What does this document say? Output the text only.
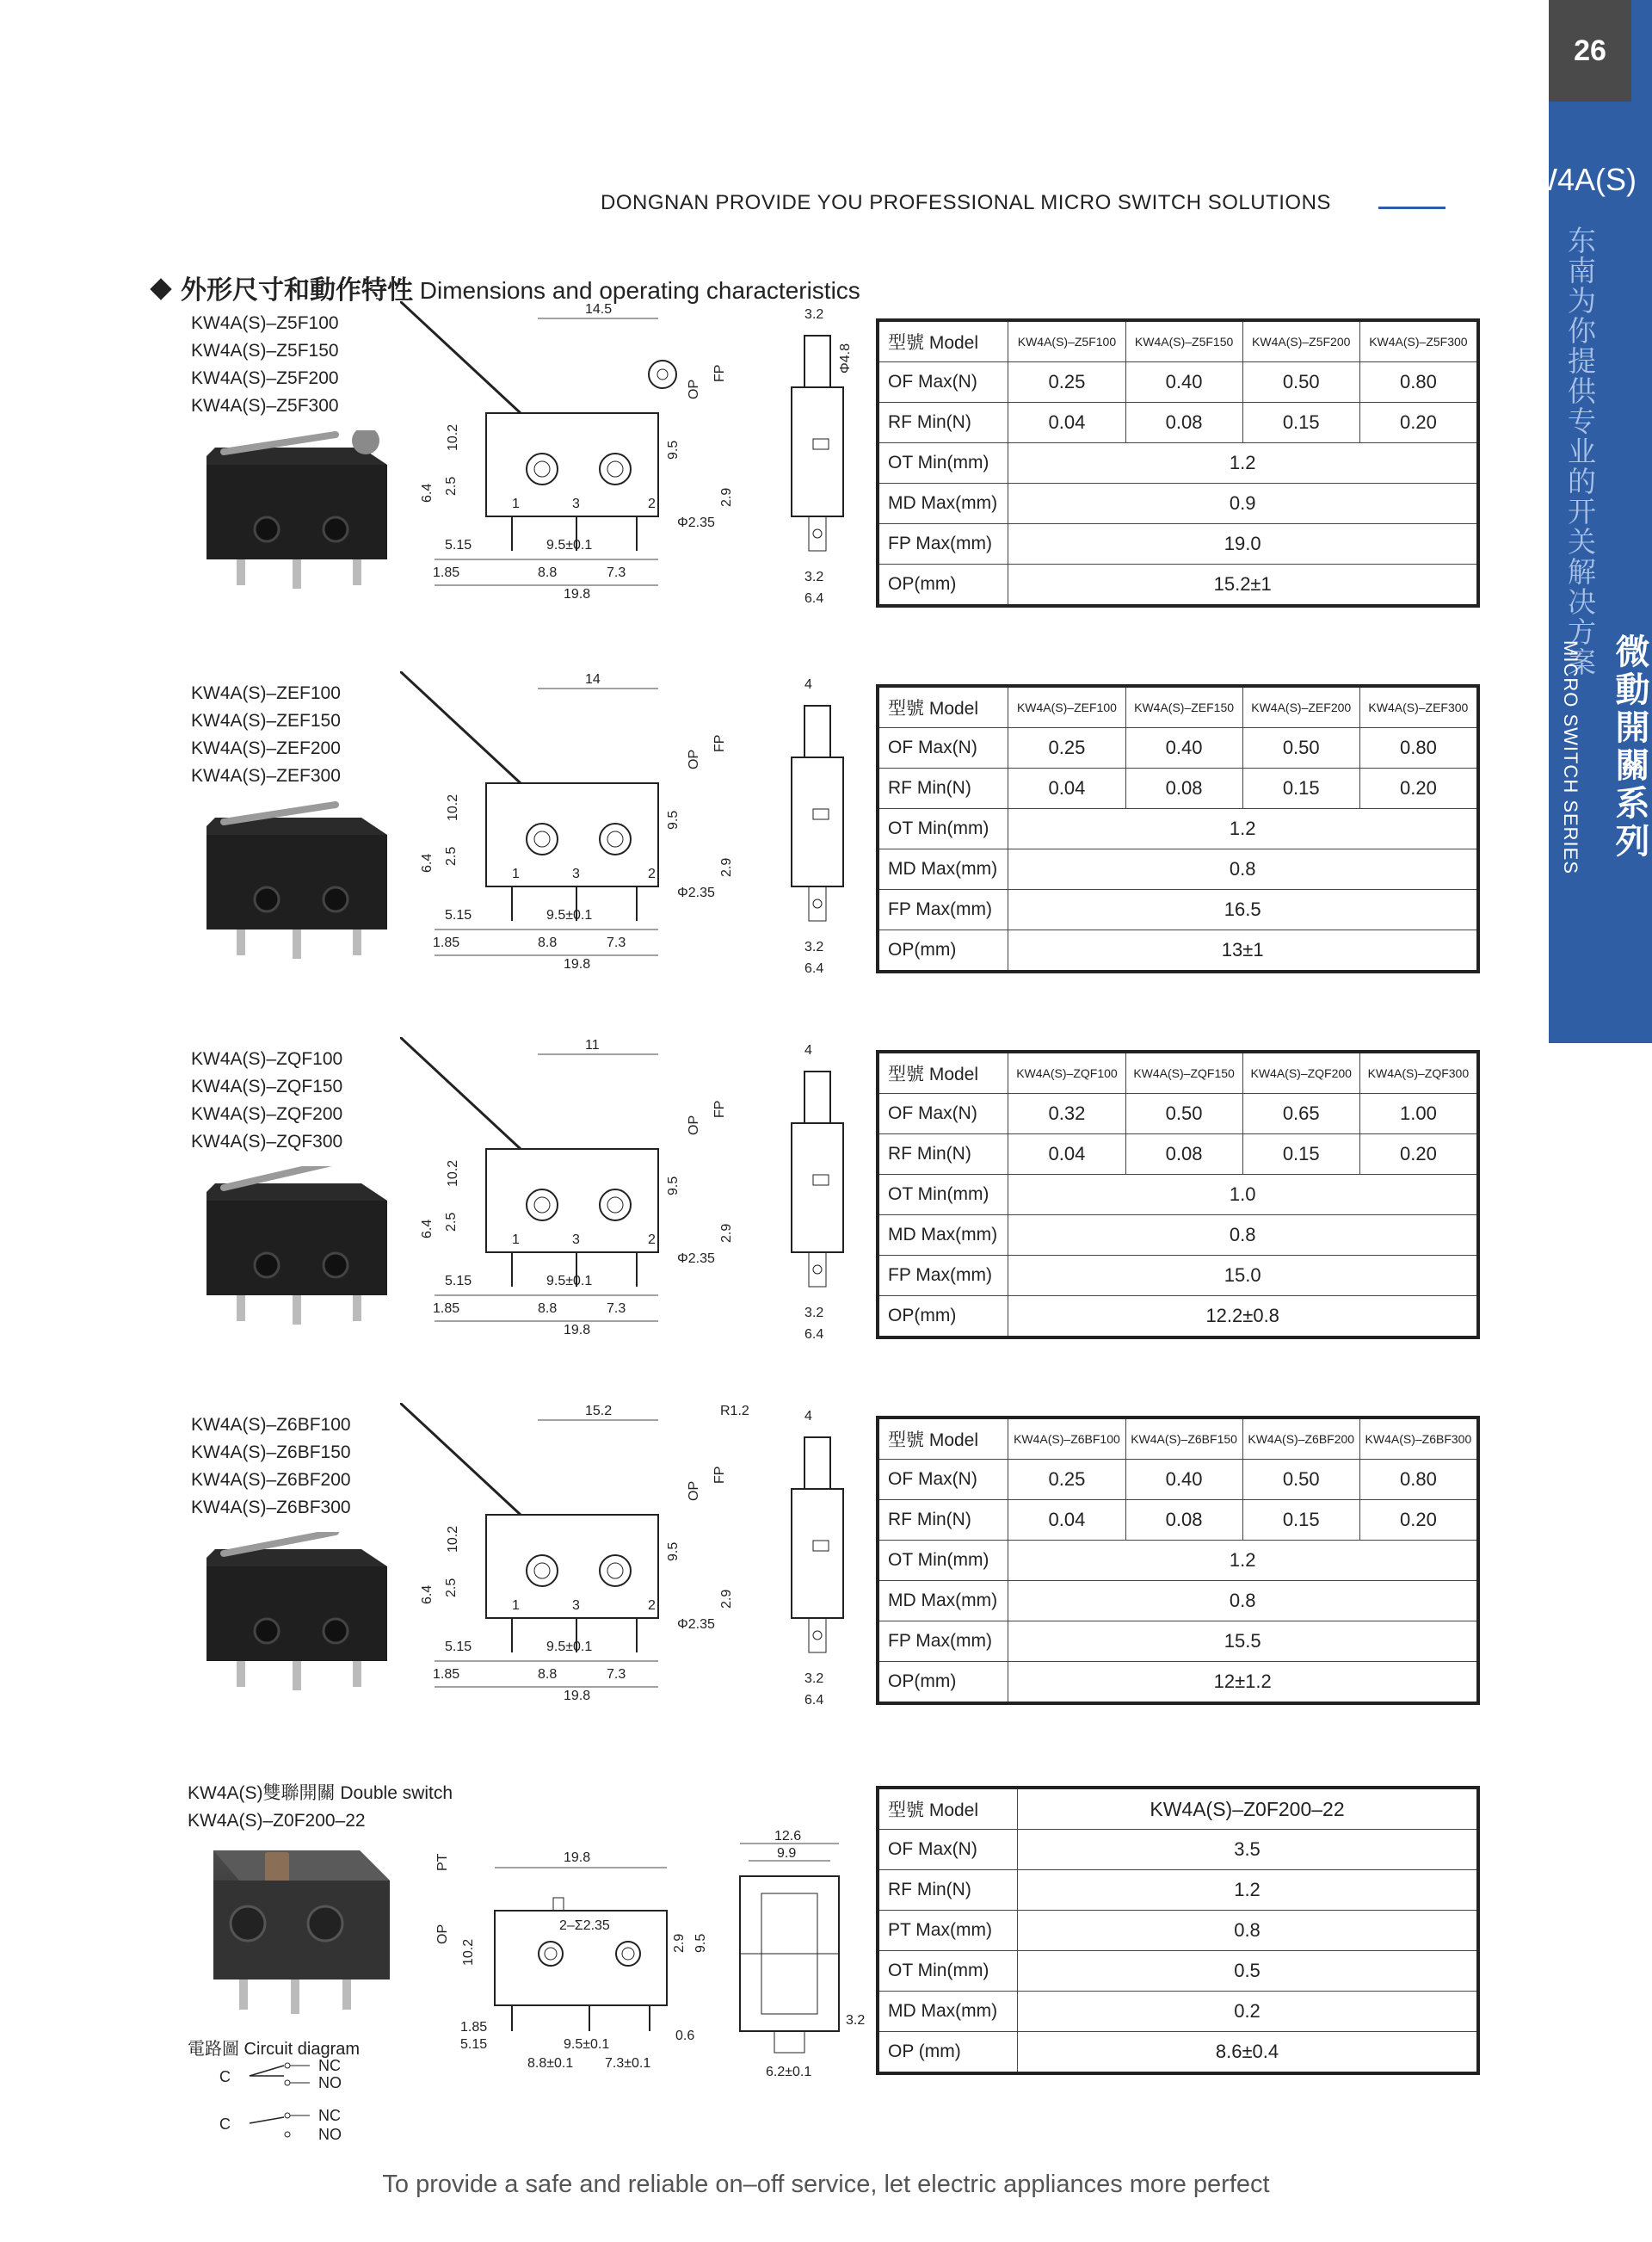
26
KW4A(S)
东南为你提供专业的开关解决方案
微動開關系列
MICRO SWITCH SERIES
DONGNAN PROVIDE YOU PROFESSIONAL MICRO SWITCH SOLUTIONS
外形尺寸和動作特性 Dimensions and operating characteristics
KW4A(S)–Z5F100
KW4A(S)–Z5F150
KW4A(S)–Z5F200
KW4A(S)–Z5F300
14.5
1	3	2
6.4 2.5
10.2	9.5
2.9
OP
FP
Φ2.35
5.15	9.5±0.1
1.85	8.8	7.3
19.8
3.2
Φ4.8
3.2
6.4
型號 Model	KW4A(S)–Z5F100	KW4A(S)–Z5F150	KW4A(S)–Z5F200	KW4A(S)–Z5F300
OF Max(N)	0.25	0.40	0.50	0.80
RF Min(N)	0.04	0.08	0.15	0.20
OT Min(mm)	1.2			
MD Max(mm)	0.9			
FP Max(mm)	19.0			
OP(mm)	15.2±1			
KW4A(S)–ZEF100
KW4A(S)–ZEF150
KW4A(S)–ZEF200
KW4A(S)–ZEF300
14
1	3	2
6.4 2.5
10.2	9.5
2.9
OP
FP
Φ2.35
5.15	9.5±0.1
1.85	8.8	7.3
19.8
4
3.2
6.4
型號 Model	KW4A(S)–ZEF100	KW4A(S)–ZEF150	KW4A(S)–ZEF200	KW4A(S)–ZEF300
OF Max(N)	0.25	0.40	0.50	0.80
RF Min(N)	0.04	0.08	0.15	0.20
OT Min(mm)	1.2			
MD Max(mm)	0.8			
FP Max(mm)	16.5			
OP(mm)	13±1			
KW4A(S)–ZQF100
KW4A(S)–ZQF150
KW4A(S)–ZQF200
KW4A(S)–ZQF300
11
1	3	2
6.4 2.5
10.2	9.5
2.9
OP
FP
Φ2.35
5.15	9.5±0.1
1.85	8.8	7.3
19.8
4
3.2
6.4
型號 Model	KW4A(S)–ZQF100	KW4A(S)–ZQF150	KW4A(S)–ZQF200	KW4A(S)–ZQF300
OF Max(N)	0.32	0.50	0.65	1.00
RF Min(N)	0.04	0.08	0.15	0.20
OT Min(mm)	1.0			
MD Max(mm)	0.8			
FP Max(mm)	15.0			
OP(mm)	12.2±0.8			
KW4A(S)–Z6BF100
KW4A(S)–Z6BF150
KW4A(S)–Z6BF200
KW4A(S)–Z6BF300
15.2	R1.2
1	3	2
6.4 2.5
10.2	9.5
2.9
OP
FP
Φ2.35
5.15	9.5±0.1
1.85	8.8	7.3
19.8
4
3.2
6.4
型號 Model	KW4A(S)–Z6BF100	KW4A(S)–Z6BF150	KW4A(S)–Z6BF200	KW4A(S)–Z6BF300
OF Max(N)	0.25	0.40	0.50	0.80
RF Min(N)	0.04	0.08	0.15	0.20
OT Min(mm)	1.2			
MD Max(mm)	0.8			
FP Max(mm)	15.5			
OP(mm)	12±1.2			
KW4A(S)雙聯開關 Double switch
KW4A(S)–Z0F200–22
電路圖 Circuit diagram
C
C
NC
NO
NC
NO
19.8
PT
OP
10.2
2–Σ2.35
2.9 9.5
1.85
5.15	9.5±0.1
0.6
8.8±0.1 7.3±0.1
12.6
9.9
3.2
6.2±0.1
型號 Model	KW4A(S)–Z0F200–22
OF Max(N)	3.5
RF Min(N)	1.2
PT Max(mm)	0.8
OT Min(mm)	0.5
MD Max(mm)	0.2
OP (mm)	8.6±0.4
To provide a safe and reliable on–off service, let electric appliances more perfect
